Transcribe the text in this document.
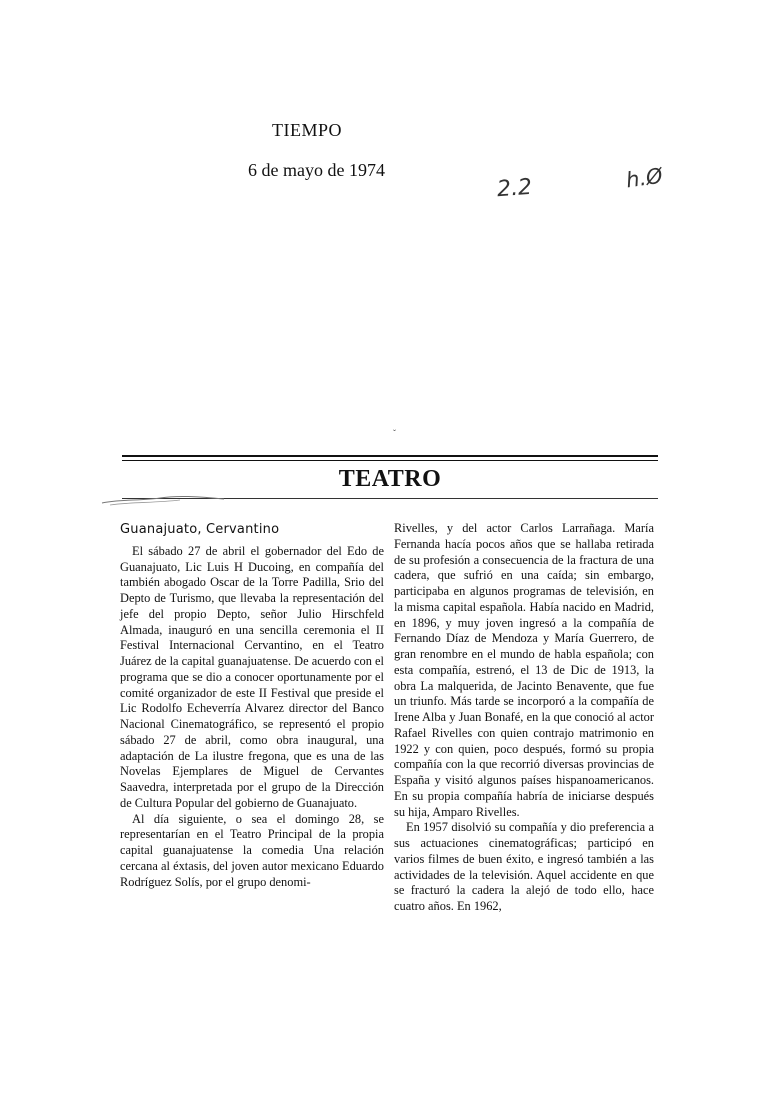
TIEMPO
6 de mayo de 1974
2.2	h.Ø
ˇ
TEATRO
Guanajuato, Cervantino

El sábado 27 de abril el gobernador del Edo de Guanajuato, Lic Luis H Ducoing, en compañía del también abogado Oscar de la Torre Padilla, Srio del Depto de Turismo, que llevaba la representación del jefe del propio Depto, señor Julio Hirschfeld Almada, inauguró en una sencilla ceremonia el II Festival Internacional Cervantino, en el Teatro Juárez de la capital guanajuatense. De acuerdo con el programa que se dio a conocer oportunamente por el comité organizador de este II Festival que preside el Lic Rodolfo Echeverría Alvarez director del Banco Nacional Cinematográfico, se representó el propio sábado 27 de abril, como obra inaugural, una adaptación de La ilustre fregona, que es una de las Novelas Ejemplares de Miguel de Cervantes Saavedra, interpretada por el grupo de la Dirección de Cultura Popular del gobierno de Guanajuato.

Al día siguiente, o sea el domingo 28, se representarían en el Teatro Principal de la propia capital guanajuatense la comedia Una relación cercana al éxtasis, del joven autor mexicano Eduardo Rodríguez Solís, por el grupo denomi-

Rivelles, y del actor Carlos Larrañaga. María Fernanda hacía pocos años que se hallaba retirada de su profesión a consecuencia de la fractura de una cadera, que sufrió en una caída; sin embargo, participaba en algunos programas de televisión, en la misma capital española. Había nacido en Madrid, en 1896, y muy joven ingresó a la compañía de Fernando Díaz de Mendoza y María Guerrero, de gran renombre en el mundo de habla española; con esta compañía, estrenó, el 13 de Dic de 1913, la obra La malquerida, de Jacinto Benavente, que fue un triunfo. Más tarde se incorporó a la compañía de Irene Alba y Juan Bonafé, en la que conoció al actor Rafael Rivelles con quien contrajo matrimonio en 1922 y con quien, poco después, formó su propia compañía con la que recorrió diversas provincias de España y visitó algunos países hispanoamericanos. En su propia compañía habría de iniciarse después su hija, Amparo Rivelles.

En 1957 disolvió su compañía y dio preferencia a sus actuaciones cinematográficas; participó en varios filmes de buen éxito, e ingresó también a las actividades de la televisión. Aquel accidente en que se fracturó la cadera la alejó de todo ello, hace cuatro años. En 1962,
